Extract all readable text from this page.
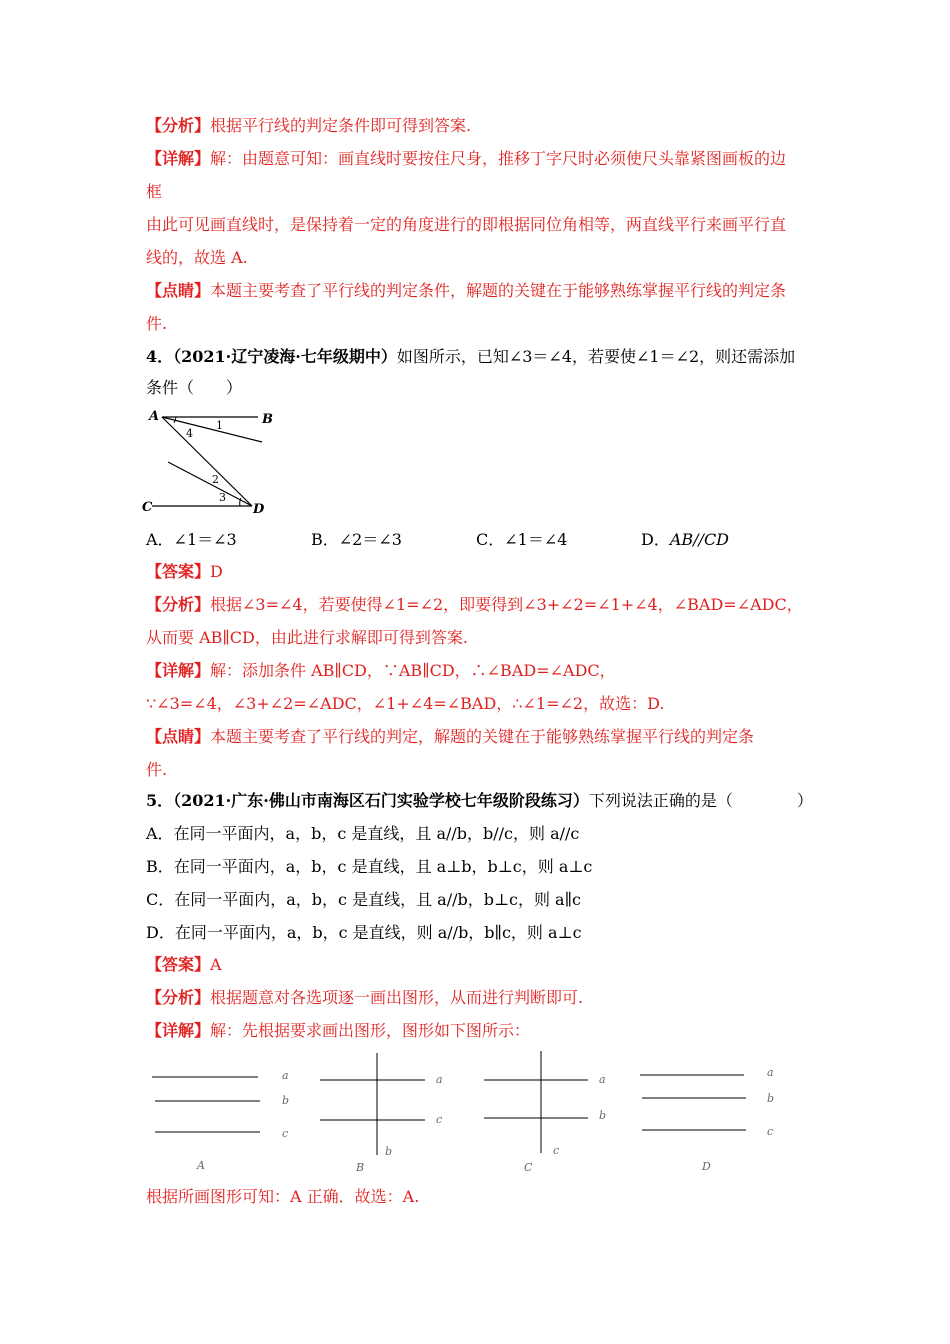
【分析】根据平行线的判定条件即可得到答案.
【详解】解：由题意可知：画直线时要按住尺身，推移丁字尺时必须使尺头靠紧图画板的边
框
由此可见画直线时，是保持着一定的角度进行的即根据同位角相等，两直线平行来画平行直
线的，故选 A.
【点睛】本题主要考查了平行线的判定条件，解题的关键在于能够熟练掌握平行线的判定条
件.
4．（2021·辽宁凌海·七年级期中）如图所示，已知∠3＝∠4，若要使∠1＝∠2，则还需添加
条件（　　）
A	B
C	D
1
4
2
3
A．∠1＝∠3	B．∠2＝∠3	C．∠1＝∠4	D．AB//CD
【答案】D
【分析】根据∠3=∠4，若要使得∠1=∠2，即要得到∠3+∠2=∠1+∠4，∠BAD=∠ADC，
从而要 AB∥CD，由此进行求解即可得到答案.
【详解】解：添加条件 AB∥CD，∵AB∥CD，∴∠BAD=∠ADC，
∵∠3=∠4，∠3+∠2=∠ADC，∠1+∠4=∠BAD，∴∠1=∠2，故选：D.
【点睛】本题主要考查了平行线的判定，解题的关键在于能够熟练掌握平行线的判定条
件.
5．（2021·广东·佛山市南海区石门实验学校七年级阶段练习）下列说法正确的是（　　　　）
A．在同一平面内，a，b，c 是直线，且 a//b，b//c，则 a//c
B．在同一平面内，a，b，c 是直线，且 a⊥b，b⊥c，则 a⊥c
C．在同一平面内，a，b，c 是直线，且 a//b，b⊥c，则 a∥c
D．在同一平面内，a，b，c 是直线，则 a//b，b∥c，则 a⊥c
【答案】A
【分析】根据题意对各选项逐一画出图形，从而进行判断即可.
【详解】解：先根据要求画出图形，图形如下图所示：
a
b
c
A
a
c
b
B
a
b
c
C
a
b
c
D
根据所画图形可知：A 正确．故选：A.
